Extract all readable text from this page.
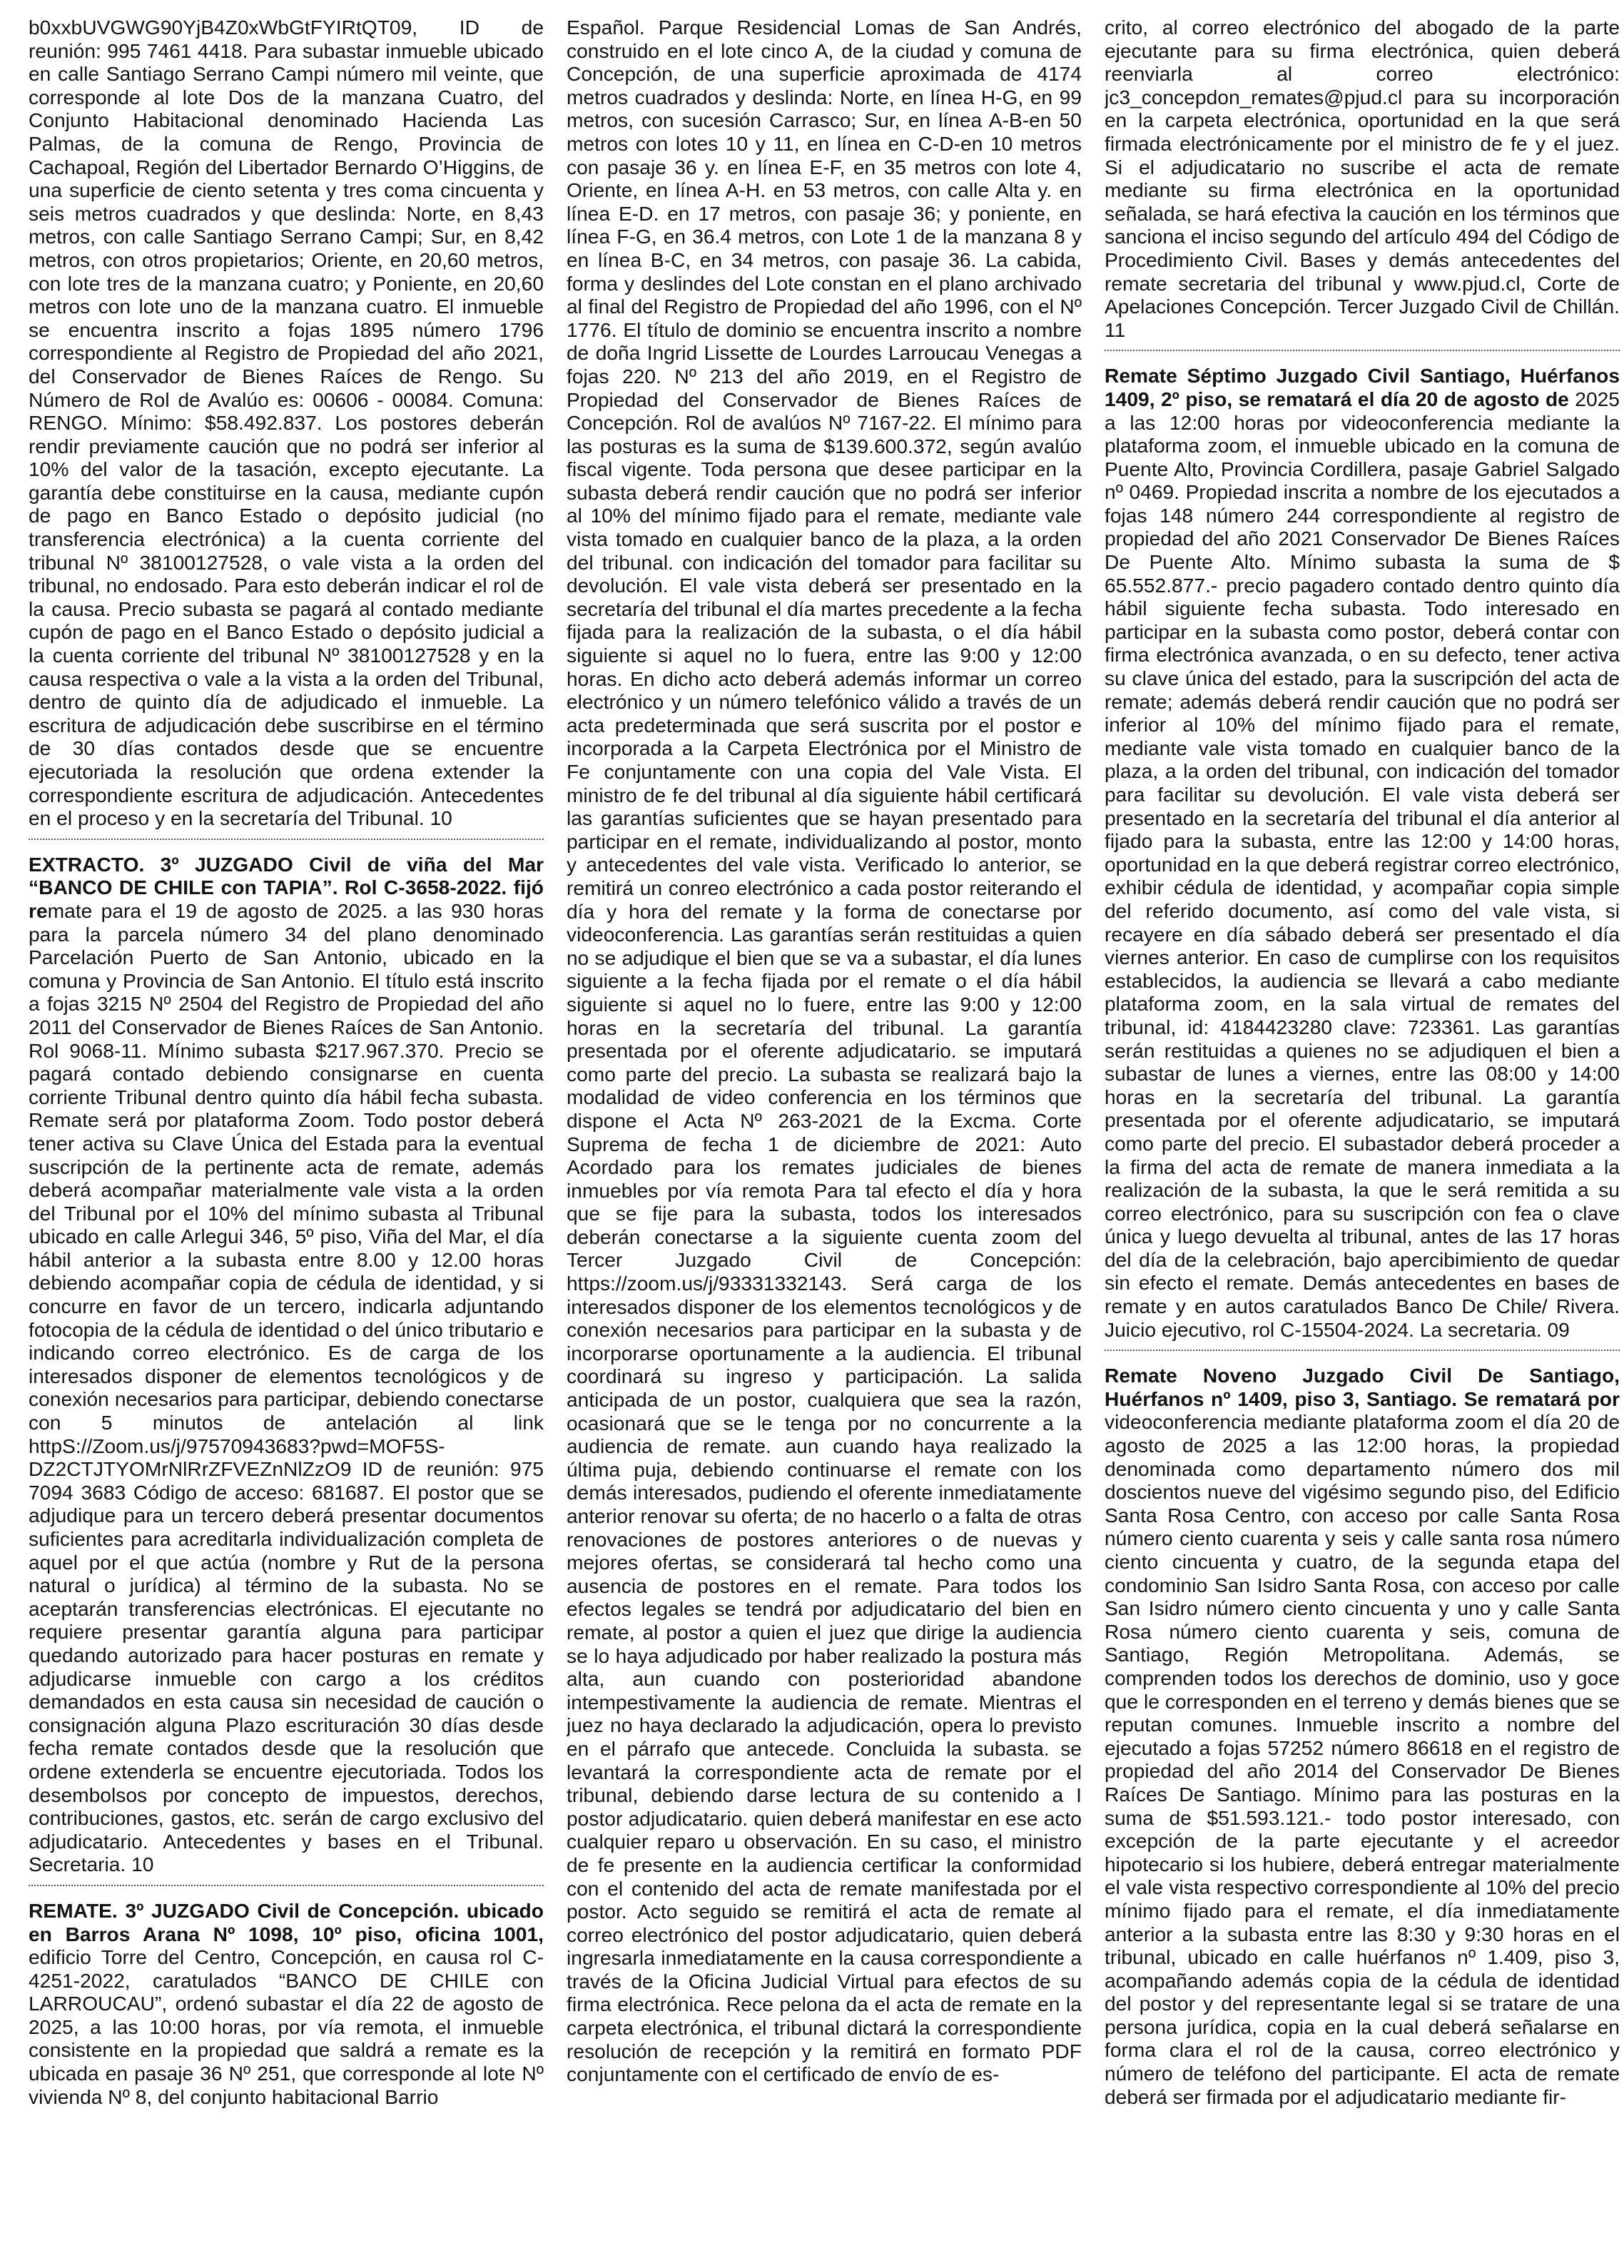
b0xxbUVGWG90YjB4Z0xWbGtFYIRtQT09, ID de reunión: 995 7461 4418. Para subastar inmueble ubicado en calle Santiago Serrano Campi número mil veinte, que corresponde al lote Dos de la manzana Cuatro, del Conjunto Habitacional denominado Hacienda Las Palmas, de la comuna de Rengo, Provincia de Cachapoal, Región del Libertador Bernardo O’Higgins, de una superficie de ciento setenta y tres coma cincuenta y seis metros cuadrados y que deslinda: Norte, en 8,43 metros, con calle Santiago Serrano Campi; Sur, en 8,42 metros, con otros propietarios; Oriente, en 20,60 metros, con lote tres de la manzana cuatro; y Poniente, en 20,60 metros con lote uno de la manzana cuatro. El inmueble se encuentra inscrito a fojas 1895 número 1796 correspondiente al Registro de Propiedad del año 2021, del Conservador de Bienes Raíces de Rengo. Su Número de Rol de Avalúo es: 00606 - 00084. Comuna: RENGO. Mínimo: $58.492.837. Los postores deberán rendir previamente caución que no podrá ser inferior al 10% del valor de la tasación, excepto ejecutante. La garantía debe constituirse en la causa, mediante cupón de pago en Banco Estado o depósito judicial (no transferencia electrónica) a la cuenta corriente del tribunal Nº 38100127528, o vale vista a la orden del tribunal, no endosado. Para esto deberán indicar el rol de la causa. Precio subasta se pagará al contado mediante cupón de pago en el Banco Estado o depósito judicial a la cuenta corriente del tribunal Nº 38100127528 y en la causa respectiva o vale a la vista a la orden del Tribunal, dentro de quinto día de adjudicado el inmueble. La escritura de adjudicación debe suscribirse en el término de 30 días contados desde que se encuentre ejecutoriada la resolución que ordena extender la correspondiente escritura de adjudicación. Antecedentes en el proceso y en la secretaría del Tribunal. 10

EXTRACTO. 3º JUZGADO Civil de viña del Mar “BANCO DE CHILE con TAPIA”. Rol C-3658-2022. fijó remate para el 19 de agosto de 2025. a las 930 horas para la parcela número 34 del plano denominado Parcelación Puerto de San Antonio, ubicado en la comuna y Provincia de San Antonio. El título está inscrito a fojas 3215 Nº 2504 del Registro de Propiedad del año 2011 del Conservador de Bienes Raíces de San Antonio. Rol 9068-11. Mínimo subasta $217.967.370. Precio se pagará contado debiendo consignarse en cuenta corriente Tribunal dentro quinto día hábil fecha subasta. Remate será por plataforma Zoom. Todo postor deberá tener activa su Clave Única del Estada para la eventual suscripción de la pertinente acta de remate, además deberá acompañar materialmente vale vista a la orden del Tribunal por el 10% del mínimo subasta al Tribunal ubicado en calle Arlegui 346, 5º piso, Viña del Mar, el día hábil anterior a la subasta entre 8.00 y 12.00 horas debiendo acompañar copia de cédula de identidad, y si concurre en favor de un tercero, indicarla adjuntando fotocopia de la cédula de identidad o del único tributario e indicando correo electrónico. Es de carga de los interesados disponer de elementos tecnológicos y de conexión necesarios para participar, debiendo conectarse con 5 minutos de antelación al link httpS://Zoom.us/j/97570943683?pwd=MOF5S-DZ2CTJTYOMrNlRrZFVEZnNlZzO9 ID de reunión: 975 7094 3683 Código de acceso: 681687. El postor que se adjudique para un tercero deberá presentar documentos suficientes para acreditarla individualización completa de aquel por el que actúa (nombre y Rut de la persona natural o jurídica) al término de la subasta. No se aceptarán transferencias electrónicas. El ejecutante no requiere presentar garantía alguna para participar quedando autorizado para hacer posturas en remate y adjudicarse inmueble con cargo a los créditos demandados en esta causa sin necesidad de caución o consignación alguna Plazo escrituración 30 días desde fecha remate contados desde que la resolución que ordene extenderla se encuentre ejecutoriada. Todos los desembolsos por concepto de impuestos, derechos, contribuciones, gastos, etc. serán de cargo exclusivo del adjudicatario. Antecedentes y bases en el Tribunal. Secretaria. 10

REMATE. 3º JUZGADO Civil de Concepción. ubicado en Barros Arana Nº 1098, 10º piso, oficina 1001, edificio Torre del Centro, Concepción, en causa rol C-4251-2022, caratulados “BANCO DE CHILE con LARROUCAU”, ordenó subastar el día 22 de agosto de 2025, a las 10:00 horas, por vía remota, el inmueble consistente en la propiedad que saldrá a remate es la ubicada en pasaje 36 Nº 251, que corresponde al lote Nº vivienda Nº 8, del conjunto habitacional Barrio

Español. Parque Residencial Lomas de San Andrés, construido en el lote cinco A, de la ciudad y comuna de Concepción, de una superficie aproximada de 4174 metros cuadrados y deslinda: Norte, en línea H-G, en 99 metros, con sucesión Carrasco; Sur, en línea A-B-en 50 metros con lotes 10 y 11, en línea en C-D-en 10 metros con pasaje 36 y. en línea E-F, en 35 metros con lote 4, Oriente, en línea A-H. en 53 metros, con calle Alta y. en línea E-D. en 17 metros, con pasaje 36; y poniente, en línea F-G, en 36.4 metros, con Lote 1 de la manzana 8 y en línea B-C, en 34 metros, con pasaje 36. La cabida, forma y deslindes del Lote constan en el plano archivado al final del Registro de Propiedad del año 1996, con el Nº 1776. El título de dominio se encuentra inscrito a nombre de doña Ingrid Lissette de Lourdes Larroucau Venegas a fojas 220. Nº 213 del año 2019, en el Registro de Propiedad del Conservador de Bienes Raíces de Concepción. Rol de avalúos Nº 7167-22. El mínimo para las posturas es la suma de $139.600.372, según avalúo fiscal vigente. Toda persona que desee participar en la subasta deberá rendir caución que no podrá ser inferior al 10% del mínimo fijado para el remate, mediante vale vista tomado en cualquier banco de la plaza, a la orden del tribunal. con indicación del tomador para facilitar su devolución. El vale vista deberá ser presentado en la secretaría del tribunal el día martes precedente a la fecha fijada para la realización de la subasta, o el día hábil siguiente si aquel no lo fuera, entre las 9:00 y 12:00 horas. En dicho acto deberá además informar un correo electrónico y un número telefónico válido a través de un acta predeterminada que será suscrita por el postor e incorporada a la Carpeta Electrónica por el Ministro de Fe conjuntamente con una copia del Vale Vista. El ministro de fe del tribunal al día siguiente hábil certificará las garantías suficientes que se hayan presentado para participar en el remate, individualizando al postor, monto y antecedentes del vale vista. Verificado lo anterior, se remitirá un conreo electrónico a cada postor reiterando el día y hora del remate y la forma de conectarse por videoconferencia. Las garantías serán restituidas a quien no se adjudique el bien que se va a subastar, el día lunes siguiente a la fecha fijada por el remate o el día hábil siguiente si aquel no lo fuere, entre las 9:00 y 12:00 horas en la secretaría del tribunal. La garantía presentada por el oferente adjudicatario. se imputará como parte del precio. La subasta se realizará bajo la modalidad de video conferencia en los términos que dispone el Acta Nº 263-2021 de la Excma. Corte Suprema de fecha 1 de diciembre de 2021: Auto Acordado para los remates judiciales de bienes inmuebles por vía remota Para tal efecto el día y hora que se fije para la subasta, todos los interesados deberán conectarse a la siguiente cuenta zoom del Tercer Juzgado Civil de Concepción: https://zoom.us/j/93331332143. Será carga de los interesados disponer de los elementos tecnológicos y de conexión necesarios para participar en la subasta y de incorporarse oportunamente a la audiencia. El tribunal coordinará su ingreso y participación. La salida anticipada de un postor, cualquiera que sea la razón, ocasionará que se le tenga por no concurrente a la audiencia de remate. aun cuando haya realizado la última puja, debiendo continuarse el remate con los demás interesados, pudiendo el oferente inmediatamente anterior renovar su oferta; de no hacerlo o a falta de otras renovaciones de postores anteriores o de nuevas y mejores ofertas, se considerará tal hecho como una ausencia de postores en el remate. Para todos los efectos legales se tendrá por adjudicatario del bien en remate, al postor a quien el juez que dirige la audiencia se lo haya adjudicado por haber realizado la postura más alta, aun cuando con posterioridad abandone intempestivamente la audiencia de remate. Mientras el juez no haya declarado la adjudicación, opera lo previsto en el párrafo que antecede. Concluida la subasta. se levantará la correspondiente acta de remate por el tribunal, debiendo darse lectura de su contenido a I postor adjudicatario. quien deberá manifestar en ese acto cualquier reparo u observación. En su caso, el ministro de fe presente en la audiencia certificar la conformidad con el contenido del acta de remate manifestada por el postor. Acto seguido se remitirá el acta de remate al correo electrónico del postor adjudicatario, quien deberá ingresarla inmediatamente en la causa correspondiente a través de la Oficina Judicial Virtual para efectos de su firma electrónica. Rece pelona da el acta de remate en la carpeta electrónica, el tribunal dictará la correspondiente resolución de recepción y la remitirá en formato PDF conjuntamente con el certificado de envío de es-

crito, al correo electrónico del abogado de la parte ejecutante para su firma electrónica, quien deberá reenviarla al correo electrónico: jc3_concepdon_remates@pjud.cl para su incorporación en la carpeta electrónica, oportunidad en la que será firmada electrónicamente por el ministro de fe y el juez. Si el adjudicatario no suscribe el acta de remate mediante su firma electrónica en la oportunidad señalada, se hará efectiva la caución en los términos que sanciona el inciso segundo del artículo 494 del Código de Procedimiento Civil. Bases y demás antecedentes del remate secretaria del tribunal y www.pjud.cl, Corte de Apelaciones Concepción. Tercer Juzgado Civil de Chillán. 11

Remate Séptimo Juzgado Civil Santiago, Huérfanos 1409, 2º piso, se rematará el día 20 de agosto de 2025 a las 12:00 horas por videoconferencia mediante la plataforma zoom, el inmueble ubicado en la comuna de Puente Alto, Provincia Cordillera, pasaje Gabriel Salgado nº 0469. Propiedad inscrita a nombre de los ejecutados a fojas 148 número 244 correspondiente al registro de propiedad del año 2021 Conservador De Bienes Raíces De Puente Alto. Mínimo subasta la suma de $ 65.552.877.- precio pagadero contado dentro quinto día hábil siguiente fecha subasta. Todo interesado en participar en la subasta como postor, deberá contar con firma electrónica avanzada, o en su defecto, tener activa su clave única del estado, para la suscripción del acta de remate; además deberá rendir caución que no podrá ser inferior al 10% del mínimo fijado para el remate, mediante vale vista tomado en cualquier banco de la plaza, a la orden del tribunal, con indicación del tomador para facilitar su devolución. El vale vista deberá ser presentado en la secretaría del tribunal el día anterior al fijado para la subasta, entre las 12:00 y 14:00 horas, oportunidad en la que deberá registrar correo electrónico, exhibir cédula de identidad, y acompañar copia simple del referido documento, así como del vale vista, si recayere en día sábado deberá ser presentado el día viernes anterior. En caso de cumplirse con los requisitos establecidos, la audiencia se llevará a cabo mediante plataforma zoom, en la sala virtual de remates del tribunal, id: 4184423280 clave: 723361. Las garantías serán restituidas a quienes no se adjudiquen el bien a subastar de lunes a viernes, entre las 08:00 y 14:00 horas en la secretaría del tribunal. La garantía presentada por el oferente adjudicatario, se imputará como parte del precio. El subastador deberá proceder a la firma del acta de remate de manera inmediata a la realización de la subasta, la que le será remitida a su correo electrónico, para su suscripción con fea o clave única y luego devuelta al tribunal, antes de las 17 horas del día de la celebración, bajo apercibimiento de quedar sin efecto el remate. Demás antecedentes en bases de remate y en autos caratulados Banco De Chile/ Rivera. Juicio ejecutivo, rol C-15504-2024. La secretaria. 09

Remate Noveno Juzgado Civil De Santiago, Huérfanos nº 1409, piso 3, Santiago. Se rematará por videoconferencia mediante plataforma zoom el día 20 de agosto de 2025 a las 12:00 horas, la propiedad denominada como departamento número dos mil doscientos nueve del vigésimo segundo piso, del Edificio Santa Rosa Centro, con acceso por calle Santa Rosa número ciento cuarenta y seis y calle santa rosa número ciento cincuenta y cuatro, de la segunda etapa del condominio San Isidro Santa Rosa, con acceso por calle San Isidro número ciento cincuenta y uno y calle Santa Rosa número ciento cuarenta y seis, comuna de Santiago, Región Metropolitana. Además, se comprenden todos los derechos de dominio, uso y goce que le corresponden en el terreno y demás bienes que se reputan comunes. Inmueble inscrito a nombre del ejecutado a fojas 57252 número 86618 en el registro de propiedad del año 2014 del Conservador De Bienes Raíces De Santiago. Mínimo para las posturas en la suma de $51.593.121.- todo postor interesado, con excepción de la parte ejecutante y el acreedor hipotecario si los hubiere, deberá entregar materialmente el vale vista respectivo correspondiente al 10% del precio mínimo fijado para el remate, el día inmediatamente anterior a la subasta entre las 8:30 y 9:30 horas en el tribunal, ubicado en calle huérfanos nº 1.409, piso 3, acompañando además copia de la cédula de identidad del postor y del representante legal si se tratare de una persona jurídica, copia en la cual deberá señalarse en forma clara el rol de la causa, correo electrónico y número de teléfono del participante. El acta de remate deberá ser firmada por el adjudicatario mediante fir-
